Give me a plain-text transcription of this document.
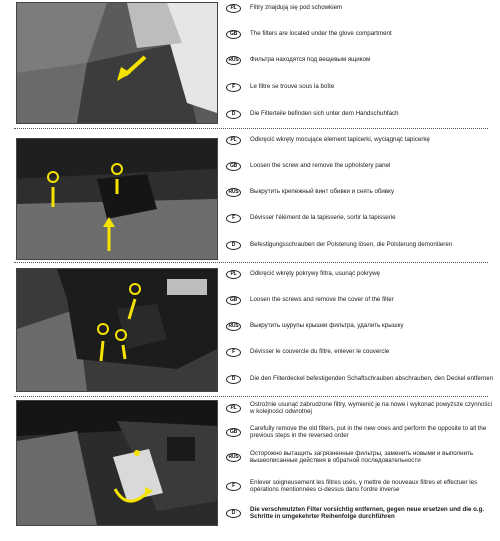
PL	Filtry znajdują się pod schowkiem
GB	The filters are located under the glove compartment
RUS	Фильтра находятся под вещевым ящиком
F	Le filtre se trouve sous la boîte
D	Die Filterteile befinden sich unter dem Handschuhfach
PL	Odkręcić wkręty mocujące element tapicerki, wyciągnąć tapicerkę
GB	Loosen the screw and remove the upholstery panel
RUS	Выкрутить крепежный винт обивки и снять обивку
F	Dévisser l'élément de la tapisserie, sortir la tapisserie
D	Befestigungsschrauben der Polsterung lösen, die Polsterung demontieren
PL	Odkręcić wkręty pokrywy filtra, usunąć pokrywę
GB	Loosen the screws and remove the cover of the filter
RUS	Выкрутить шурупы крышки фильтра, удалить крышку
F	Dévisser le couvercle du filtre, enlever le couvercle
D	Die den Filterdeckel befestigenden Schaftschrauben abschrauben, den Deckel entfernen
PL	Ostrożnie usunąć zabrudzone filtry, wymienić je na nowe i wykonać powyższe czynności w kolejności odwrotnej
GB	Carefully remove the old filters, put in the new ones and perform the opposite to all the previous steps in the reversed order
RUS	Осторожно вытащить загрязненные фильтры, заменить новыми и выполнить вышеописанные действия в обратной последовательности
F	Enlever soigneusement les filtres usés, y mettre de nouveaux filtres et effectuer les opérations mentionnées ci-dessus dans l'ordre inverse
D	Die verschmutzten Filter vorsichtig entfernen, gegen neue ersetzen und die o.g. Schritte in umgekehrter Reihenfolge durchführen
